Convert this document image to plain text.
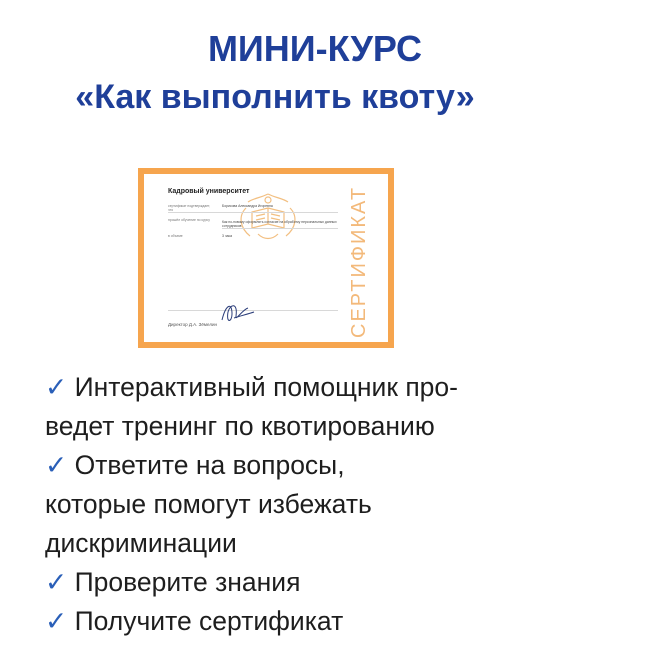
МИНИ-КУРС
«Как выполнить квоту»
Кадровый университет
сертификат подтверждает, что
Борисова Александра Игоревна
прошёл обучение по курсу	Как по-новому оформлять согласие на обработку персональных данных сотрудников
в объеме	3 часа
Директор Д.А. Зёмелин	СЕРТИФИКАТ
✓ Интерактивный помощник про-
ведет тренинг по квотированию
✓ Ответите на вопросы,
которые помогут избежать
дискриминации
✓ Проверите знания
✓ Получите сертификат
